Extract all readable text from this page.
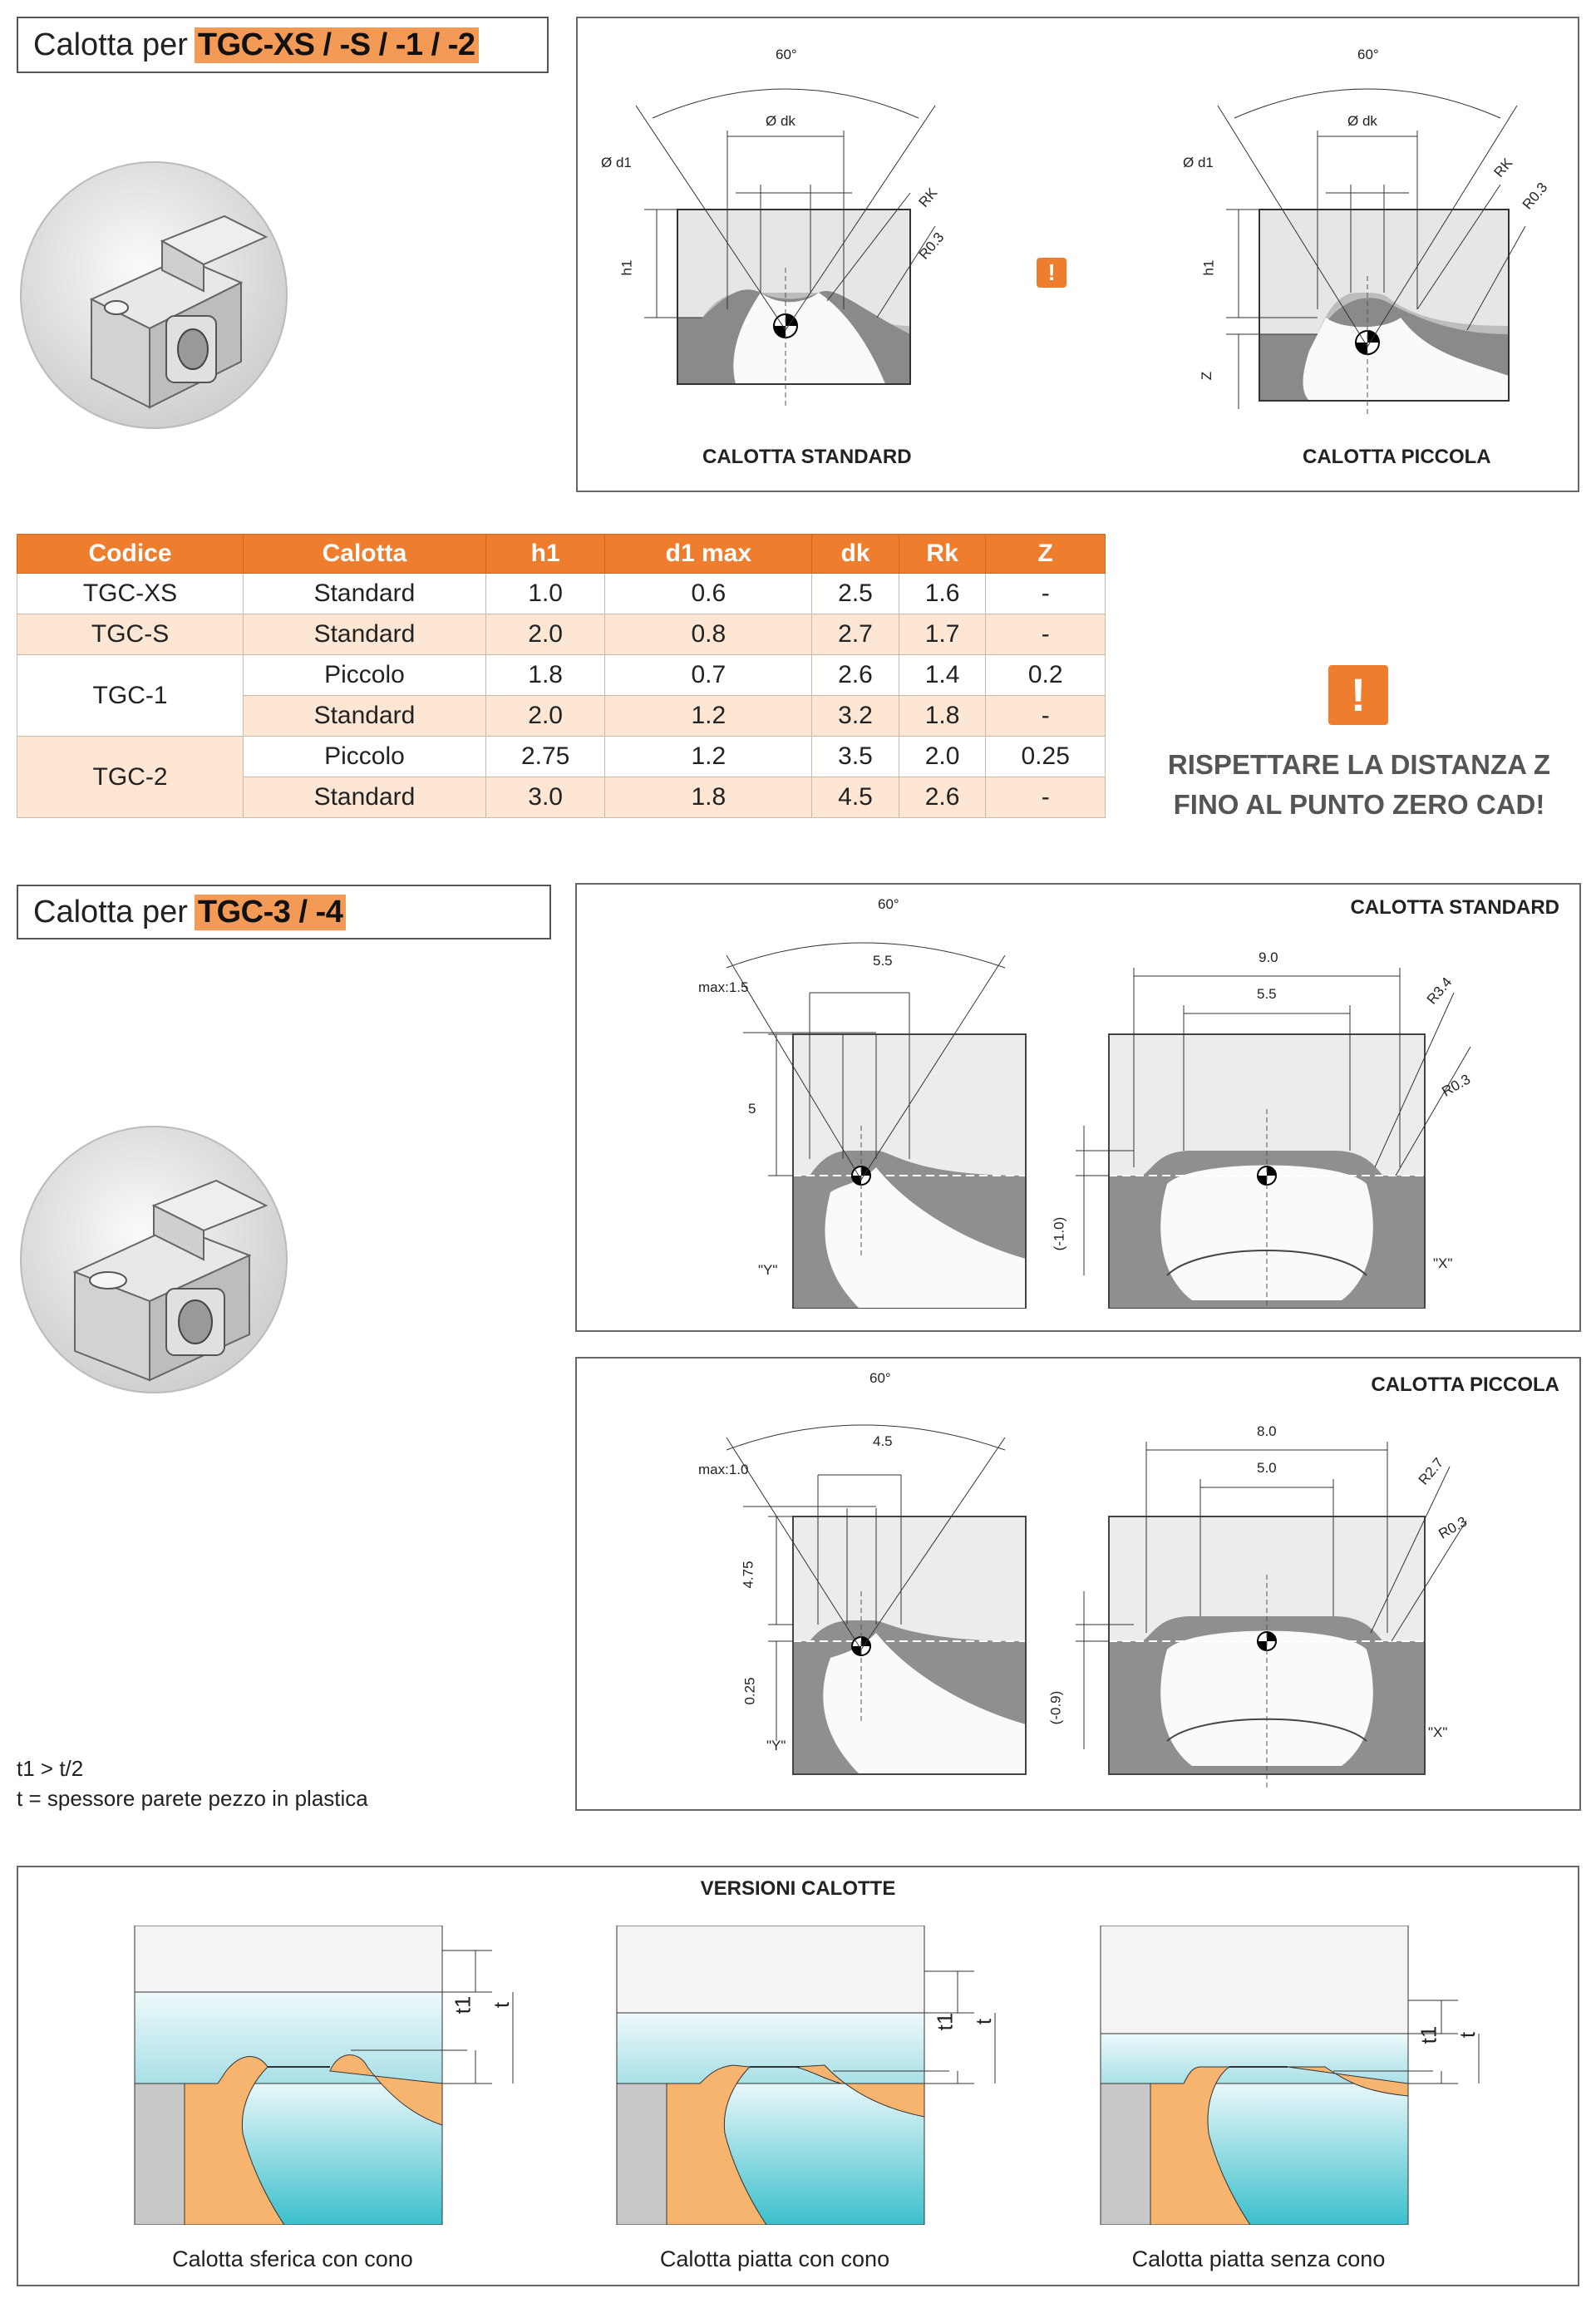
Calotta per TGC-XS / -S / -1 / -2	60°
Ø dk
Ø d1
h1
RK
R0.3
CALOTTA STANDARD
!
60°
Ø dk
Ø d1
h1
Z
RK
R0.3
CALOTTA PICCOLA
Codice	Calotta	h1	d1 max	dk	Rk	Z
TGC-XS	Standard	1.0	0.6	2.5	1.6	-
TGC-S	Standard	2.0	0.8	2.7	1.7	-
TGC-1	Piccolo	1.8	0.7	2.6	1.4	0.2
	Standard	2.0	1.2	3.2	1.8	-
TGC-2	Piccolo	2.75	1.2	3.5	2.0	0.25
	Standard	3.0	1.8	4.5	2.6	-
!
RISPETTARE LA DISTANZA Z
FINO AL PUNTO ZERO CAD!
Calotta per TGC-3 / -4	CALOTTA STANDARD
60°
5.5
max:1.5
5
"Y"
9.0
5.5	R3.4
R0.3
(-1.0)
"X"
CALOTTA PICCOLA
60°
4.5
max:1.0
4.75
0.25
"Y"
8.0
5.0	R2.7
R0.3
(-0.9)
"X"
t1 > t/2
t = spessore parete pezzo in plastica
VERSIONI CALOTTE
t1 t
Calotta sferica con cono
t1 t
Calotta piatta con cono
t1 t
Calotta piatta senza cono
